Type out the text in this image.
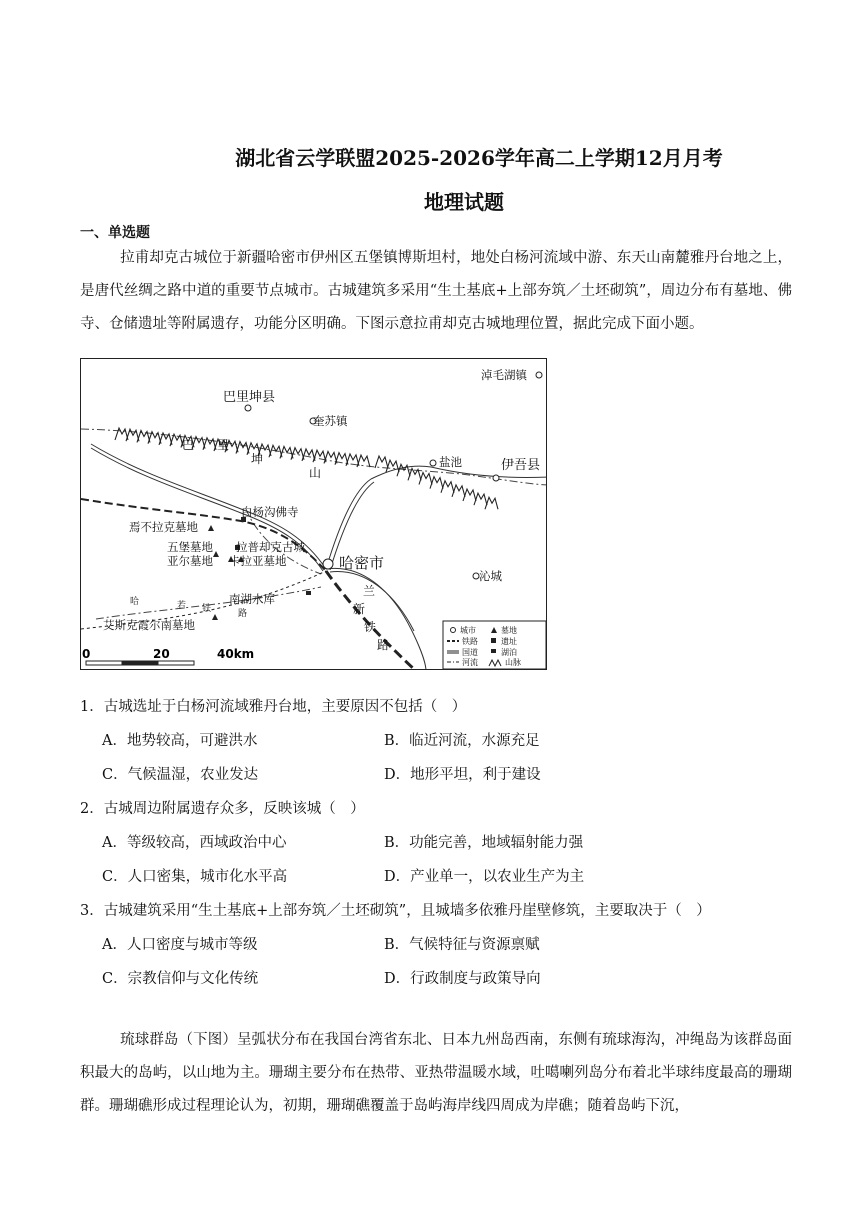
湖北省云学联盟2025-2026学年高二上学期12月月考
地理试题
一、单选题
拉甫却克古城位于新疆哈密市伊州区五堡镇博斯坦村，地处白杨河流域中游、东天山南麓雅丹台地之上，是唐代丝绸之路中道的重要节点城市。古城建筑多采用“生土基底+上部夯筑／土坯砌筑”，周边分布有墓地、佛寺、仓储遗址等附属遗存，功能分区明确。下图示意拉甫却克古城地理位置，据此完成下面小题。
淖毛湖镇
巴里坤县
奎苏镇
盐池	伊吾县
白杨沟佛寺
焉不拉克墓地
五堡墓地 拉普却克古城
亚尔墓地 卡拉亚墓地	哈密市
沁城
南湖水库
艾斯克霞尔南墓地
巴 里
坤
山
兰
新
铁
路
哈	若 铁	路
0	20	40km
城市	墓地
铁路	遗址
国道	湖泊
河流	山脉
1．古城选址于白杨河流域雅丹台地，主要原因不包括（　）
A．地势较高，可避洪水	B．临近河流，水源充足
C．气候温湿，农业发达	D．地形平坦，利于建设
2．古城周边附属遗存众多，反映该城（　）
A．等级较高，西域政治中心	B．功能完善，地域辐射能力强
C．人口密集，城市化水平高	D．产业单一，以农业生产为主
3．古城建筑采用“生土基底+上部夯筑／土坯砌筑”，且城墙多依雅丹崖壁修筑，主要取决于（　）
A．人口密度与城市等级	B．气候特征与资源禀赋
C．宗教信仰与文化传统	D．行政制度与政策导向
琉球群岛（下图）呈弧状分布在我国台湾省东北、日本九州岛西南，东侧有琉球海沟，冲绳岛为该群岛面积最大的岛屿，以山地为主。珊瑚主要分布在热带、亚热带温暖水域，吐噶喇列岛分布着北半球纬度最高的珊瑚群。珊瑚礁形成过程理论认为，初期，珊瑚礁覆盖于岛屿海岸线四周成为岸礁；随着岛屿下沉，
